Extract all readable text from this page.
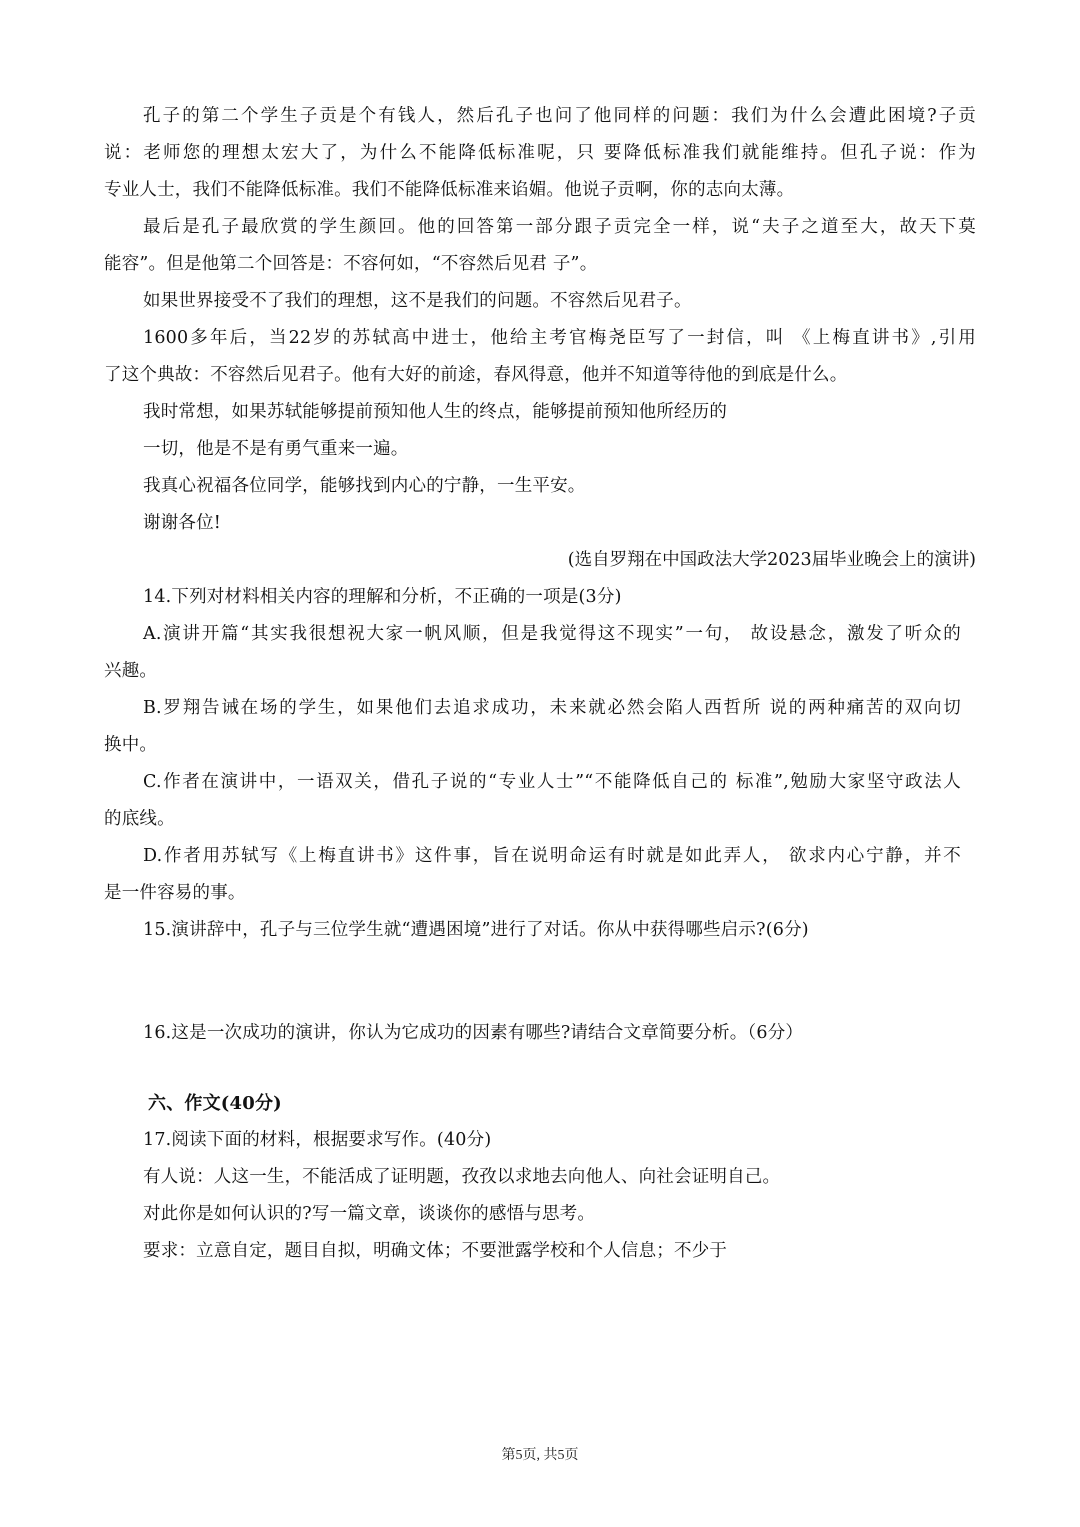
孔子的第二个学生子贡是个有钱人，然后孔子也问了他同样的问题：我们为什么会遭此困境?子贡
说：老师您的理想太宏大了，为什么不能降低标准呢，只 要降低标准我们就能维持。但孔子说：作为
专业人士，我们不能降低标准。我们不能降低标准来谄媚。他说子贡啊，你的志向太薄。
最后是孔子最欣赏的学生颜回。他的回答第一部分跟子贡完全一样，说“夫子之道至大，故天下莫
能容”。但是他第二个回答是：不容何如，“不容然后见君 子”。
如果世界接受不了我们的理想，这不是我们的问题。不容然后见君子。
1600多年后，当22岁的苏轼高中进士，他给主考官梅尧臣写了一封信，叫 《上梅直讲书》,引用
了这个典故：不容然后见君子。他有大好的前途，春风得意，他并不知道等待他的到底是什么。
我时常想，如果苏轼能够提前预知他人生的终点，能够提前预知他所经历的
一切，他是不是有勇气重来一遍。
我真心祝福各位同学，能够找到内心的宁静，一生平安。
谢谢各位!
(选自罗翔在中国政法大学2023届毕业晚会上的演讲)
14.下列对材料相关内容的理解和分析，不正确的一项是(3分)
A.演讲开篇“其实我很想祝大家一帆风顺，但是我觉得这不现实”一句， 故设悬念，激发了听众的
兴趣。
B.罗翔告诫在场的学生，如果他们去追求成功，未来就必然会陷人西哲所 说的两种痛苦的双向切
换中。
C.作者在演讲中，一语双关，借孔子说的“专业人士”“不能降低自己的 标准”,勉励大家坚守政法人
的底线。
D.作者用苏轼写《上梅直讲书》这件事，旨在说明命运有时就是如此弄人， 欲求内心宁静，并不
是一件容易的事。
15.演讲辞中，孔子与三位学生就“遭遇困境”进行了对话。你从中获得哪些启示?(6分)
16.这是一次成功的演讲，你认为它成功的因素有哪些?请结合文章简要分析。（6分）
六、作文(40分)
17.阅读下面的材料，根据要求写作。(40分)
有人说：人这一生，不能活成了证明题，孜孜以求地去向他人、向社会证明自己。
对此你是如何认识的?写一篇文章，谈谈你的感悟与思考。
要求：立意自定，题目自拟，明确文体；不要泄露学校和个人信息；不少于
第5页, 共5页
